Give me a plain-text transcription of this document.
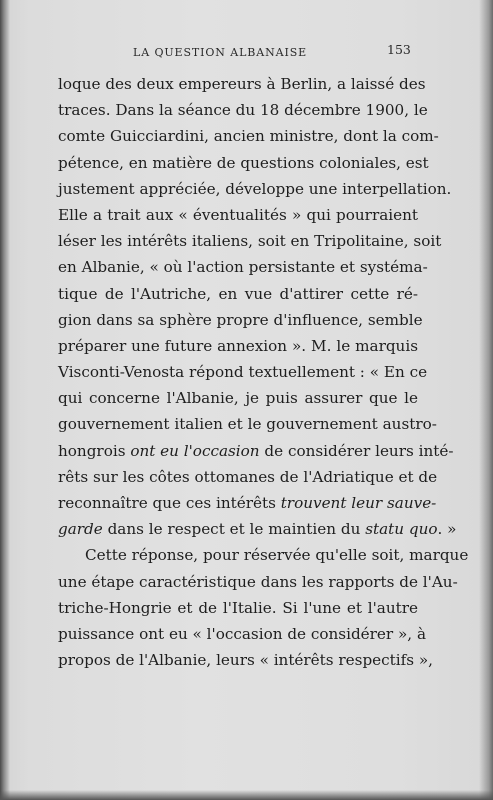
LA QUESTION ALBANAISE	153
loque des deux empereurs à Berlin, a laissé des
traces. Dans la séance du 18 décembre 1900, le
comte Guicciardini, ancien ministre, dont la com-
pétence, en matière de questions coloniales, est
justement appréciée, développe une interpellation.
Elle a trait aux « éventualités » qui pourraient
léser les intérêts italiens, soit en Tripolitaine, soit
en Albanie, « où l'action persistante et systéma-
tique de l'Autriche, en vue d'attirer cette ré-
gion dans sa sphère propre d'influence, semble
préparer une future annexion ». M. le marquis
Visconti-Venosta répond textuellement : « En ce
qui concerne l'Albanie, je puis assurer que le
gouvernement italien et le gouvernement austro-
hongrois ont eu l'occasion de considérer leurs inté-
rêts sur les côtes ottomanes de l'Adriatique et de
reconnaître que ces intérêts trouvent leur sauve-
garde dans le respect et le maintien du statu quo. »
Cette réponse, pour réservée qu'elle soit, marque
une étape caractéristique dans les rapports de l'Au-
triche-Hongrie et de l'Italie. Si l'une et l'autre
puissance ont eu « l'occasion de considérer », à
propos de l'Albanie, leurs « intérêts respectifs »,
